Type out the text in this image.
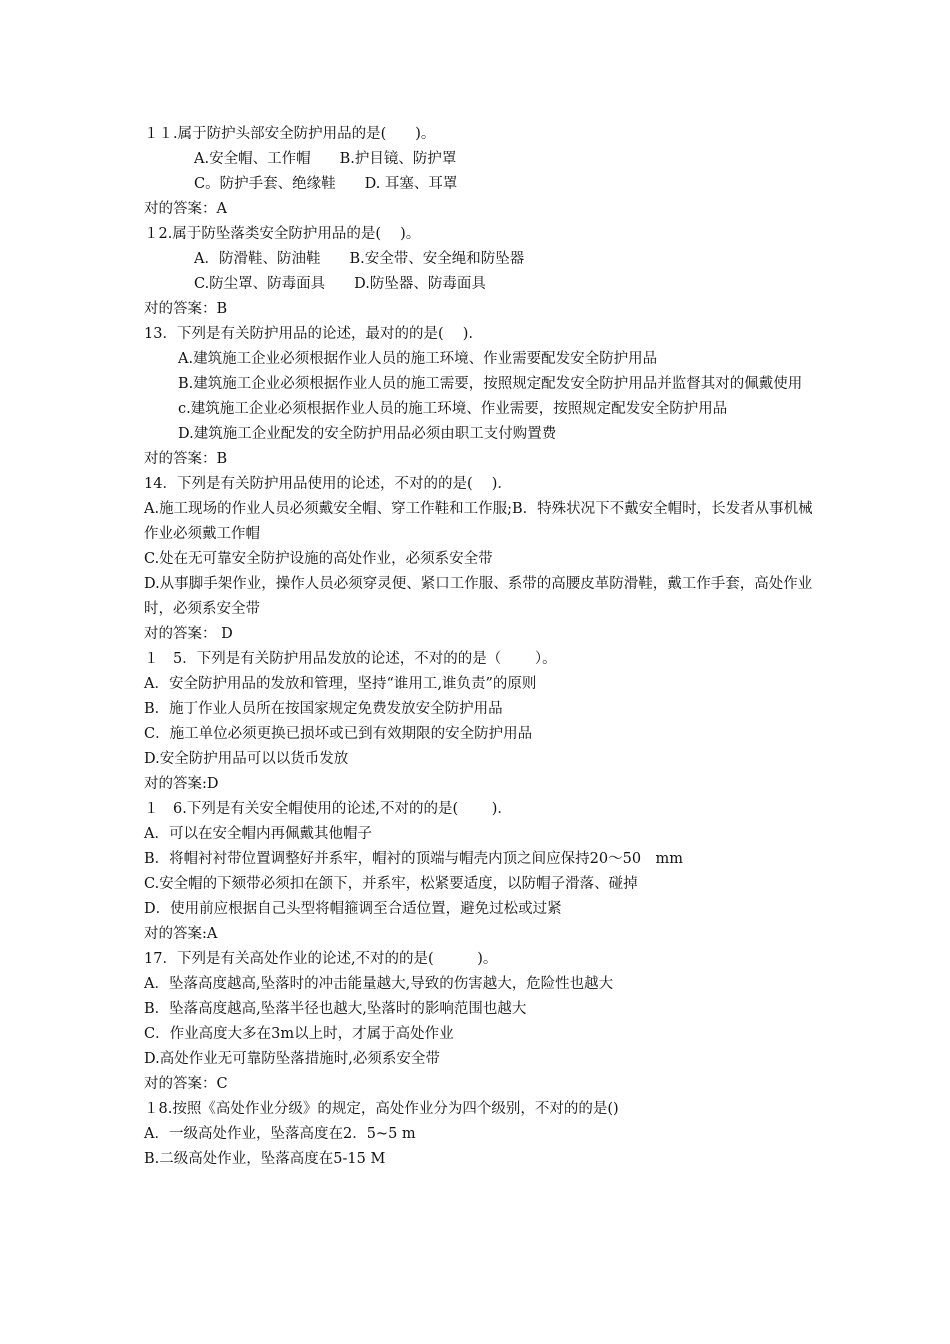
１１.属于防护头部安全防护用品的是(　　)。
A.安全帽、工作帽　　B.护目镜、防护罩
C。防护手套、绝缘鞋　　D. 耳塞、耳罩
对的答案：A
１2.属于防坠落类安全防护用品的是(　 )。
A．防滑鞋、防油鞋　　B.安全带、安全绳和防坠器
C.防尘罩、防毒面具　　D.防坠器、防毒面具
对的答案：B
13．下列是有关防护用品的论述，最对的的是(　 ).
A.建筑施工企业必须根据作业人员的施工环境、作业需要配发安全防护用品
B.建筑施工企业必须根据作业人员的施工需要，按照规定配发安全防护用品并监督其对的佩戴使用
c.建筑施工企业必须根据作业人员的施工环境、作业需要，按照规定配发安全防护用品
D.建筑施工企业配发的安全防护用品必须由职工支付购置费
对的答案：B
14．下列是有关防护用品使用的论述，不对的的是(　 )．
A.施工现场的作业人员必须戴安全帽、穿工作鞋和工作服;B．特殊状况下不戴安全帽时，长发者从事机械作业必须戴工作帽
C.处在无可靠安全防护设施的高处作业，必须系安全带
D.从事脚手架作业，操作人员必须穿灵便、紧口工作服、系带的高腰皮革防滑鞋，戴工作手套，高处作业时，必须系安全带
对的答案： D
１　5．下列是有关防护用品发放的论述，不对的的是（　　 ）。
A．安全防护用品的发放和管理，坚持“谁用工,谁负责”的原则
B．施丁作业人员所在按国家规定免费发放安全防护用品
C．施工单位必须更换已损坏或已到有效期限的安全防护用品
D.安全防护用品可以以货币发放
对的答案:D
１　6.下列是有关安全帽使用的论述,不对的的是(　　 )．
A．可以在安全帽内再佩戴其他帽子
B．将帽衬衬带位置调整好并系牢，帽衬的顶端与帽壳内顶之间应保持20～50　mm
C.安全帽的下颏带必须扣在颌下，并系牢，松紧要适度，以防帽子滑落、碰掉
D．使用前应根据自己头型将帽箍调至合适位置，避免过松或过紧
对的答案:A
17．下列是有关高处作业的论述,不对的的是(　　　)。
A．坠落高度越高,坠落时的冲击能量越大,导致的伤害越大，危险性也越大
B．坠落高度越高,坠落半径也越大,坠落时的影响范围也越大
C．作业高度大多在3m以上时，才属于高处作业
D.高处作业无可靠防坠落措施时,必须系安全带
对的答案：C
１8.按照《高处作业分级》的规定，高处作业分为四个级别，不对的的是()
A．一级高处作业，坠落高度在2．5~5 m
B.二级高处作业，坠落高度在5-15 M
